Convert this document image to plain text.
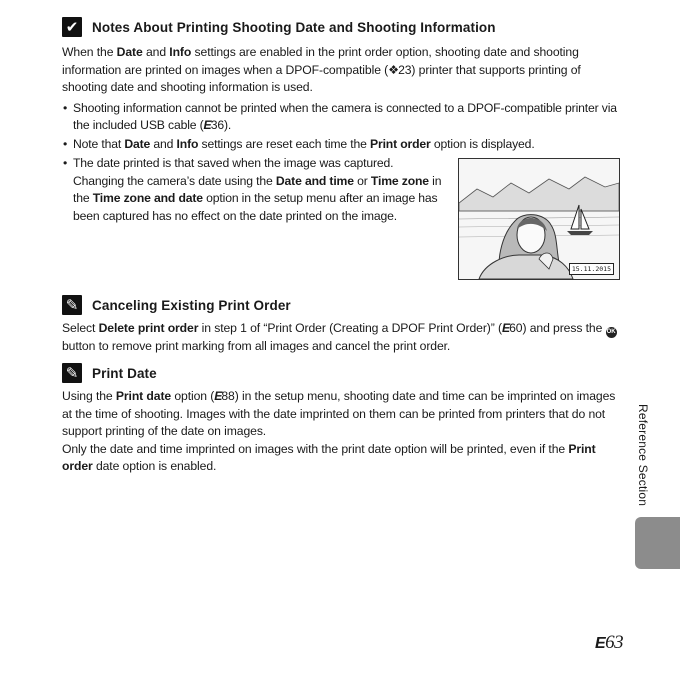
✔ Notes About Printing Shooting Date and Shooting Information

When the Date and Info settings are enabled in the print order option, shooting date and shooting information are printed on images when a DPOF-compatible (❖23) printer that supports printing of shooting date and shooting information is used.

• Shooting information cannot be printed when the camera is connected to a DPOF-compatible printer via the included USB cable (E36).
• Note that Date and Info settings are reset each time the Print order option is displayed.
• The date printed is that saved when the image was captured. Changing the camera’s date using the Date and time or Time zone in the Time zone and date option in the setup menu after an image has been captured has no effect on the date printed on the image.
15.11.2015
✎ Canceling Existing Print Order

Select Delete print order in step 1 of “Print Order (Creating a DPOF Print Order)” (E60) and press the OK button to remove print marking from all images and cancel the print order.

✎ Print Date

Using the Print date option (E88) in the setup menu, shooting date and time can be imprinted on images at the time of shooting. Images with the date imprinted on them can be printed from printers that do not support printing of the date on images.

Only the date and time imprinted on images with the print date option will be printed, even if the Print order date option is enabled.	Reference Section
E63
